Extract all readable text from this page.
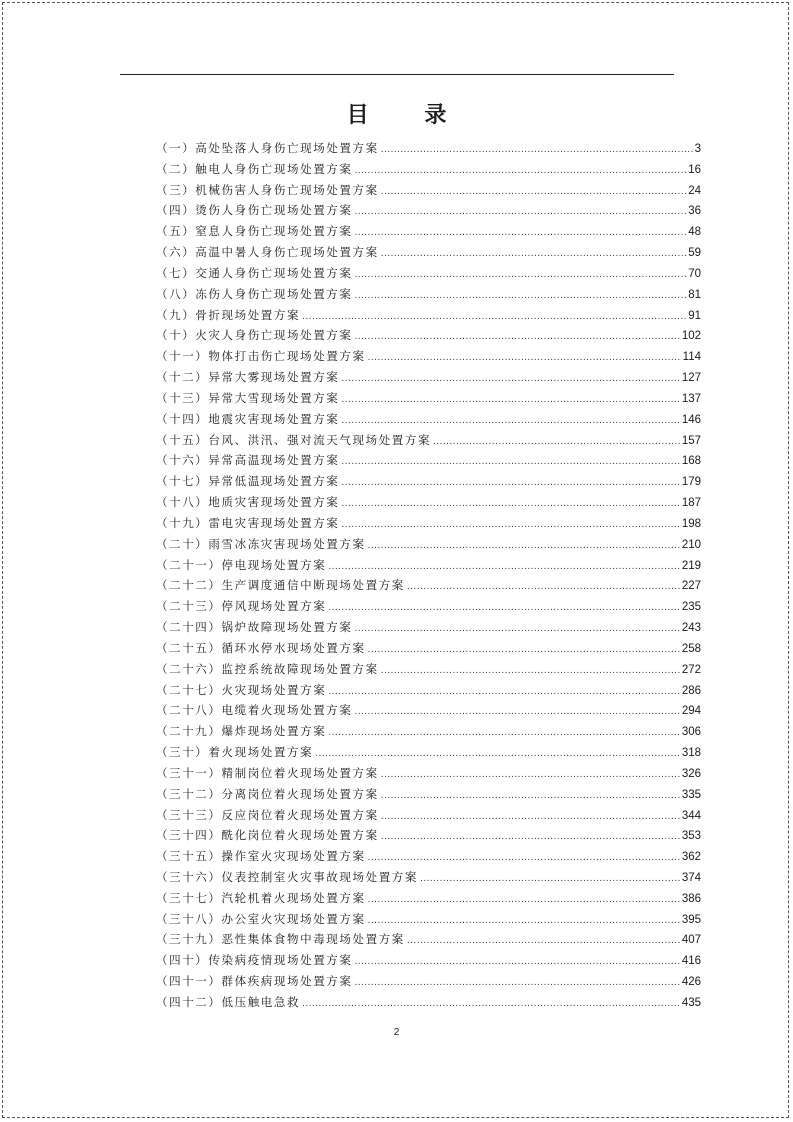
目 录
（一）高处坠落人身伤亡现场处置方案 .....	3
（二）触电人身伤亡现场处置方案 .....	16
（三）机械伤害人身伤亡现场处置方案 .....	24
（四）烫伤人身伤亡现场处置方案 .....	36
（五）窒息人身伤亡现场处置方案 .....	48
（六）高温中暑人身伤亡现场处置方案 .....	59
（七）交通人身伤亡现场处置方案 .....	70
（八）冻伤人身伤亡现场处置方案 .....	81
（九）骨折现场处置方案 .....	91
（十）火灾人身伤亡现场处置方案 .....	102
（十一）物体打击伤亡现场处置方案 .....	114
（十二）异常大雾现场处置方案 .....	127
（十三）异常大雪现场处置方案 .....	137
（十四）地震灾害现场处置方案 .....	146
（十五）台风、洪汛、强对流天气现场处置方案 .....	157
（十六）异常高温现场处置方案 .....	168
（十七）异常低温现场处置方案 .....	179
（十八）地质灾害现场处置方案 .....	187
（十九）雷电灾害现场处置方案 .....	198
（二十）雨雪冰冻灾害现场处置方案 .....	210
（二十一）停电现场处置方案 .....	219
（二十二）生产调度通信中断现场处置方案 .....	227
（二十三）停风现场处置方案 .....	235
（二十四）锅炉故障现场处置方案 .....	243
（二十五）循环水停水现场处置方案 .....	258
（二十六）监控系统故障现场处置方案 .....	272
（二十七）火灾现场处置方案 .....	286
（二十八）电缆着火现场处置方案 .....	294
（二十九）爆炸现场处置方案 .....	306
（三十）着火现场处置方案 .....	318
（三十一）精制岗位着火现场处置方案 .....	326
（三十二）分离岗位着火现场处置方案 .....	335
（三十三）反应岗位着火现场处置方案 .....	344
（三十四）酰化岗位着火现场处置方案 .....	353
（三十五）操作室火灾现场处置方案 .....	362
（三十六）仪表控制室火灾事故现场处置方案 .....	374
（三十七）汽轮机着火现场处置方案 .....	386
（三十八）办公室火灾现场处置方案 .....	395
（三十九）恶性集体食物中毒现场处置方案 .....	407
（四十）传染病疫情现场处置方案 .....	416
（四十一）群体疾病现场处置方案 .....	426
（四十二）低压触电急救 .....	435
2
